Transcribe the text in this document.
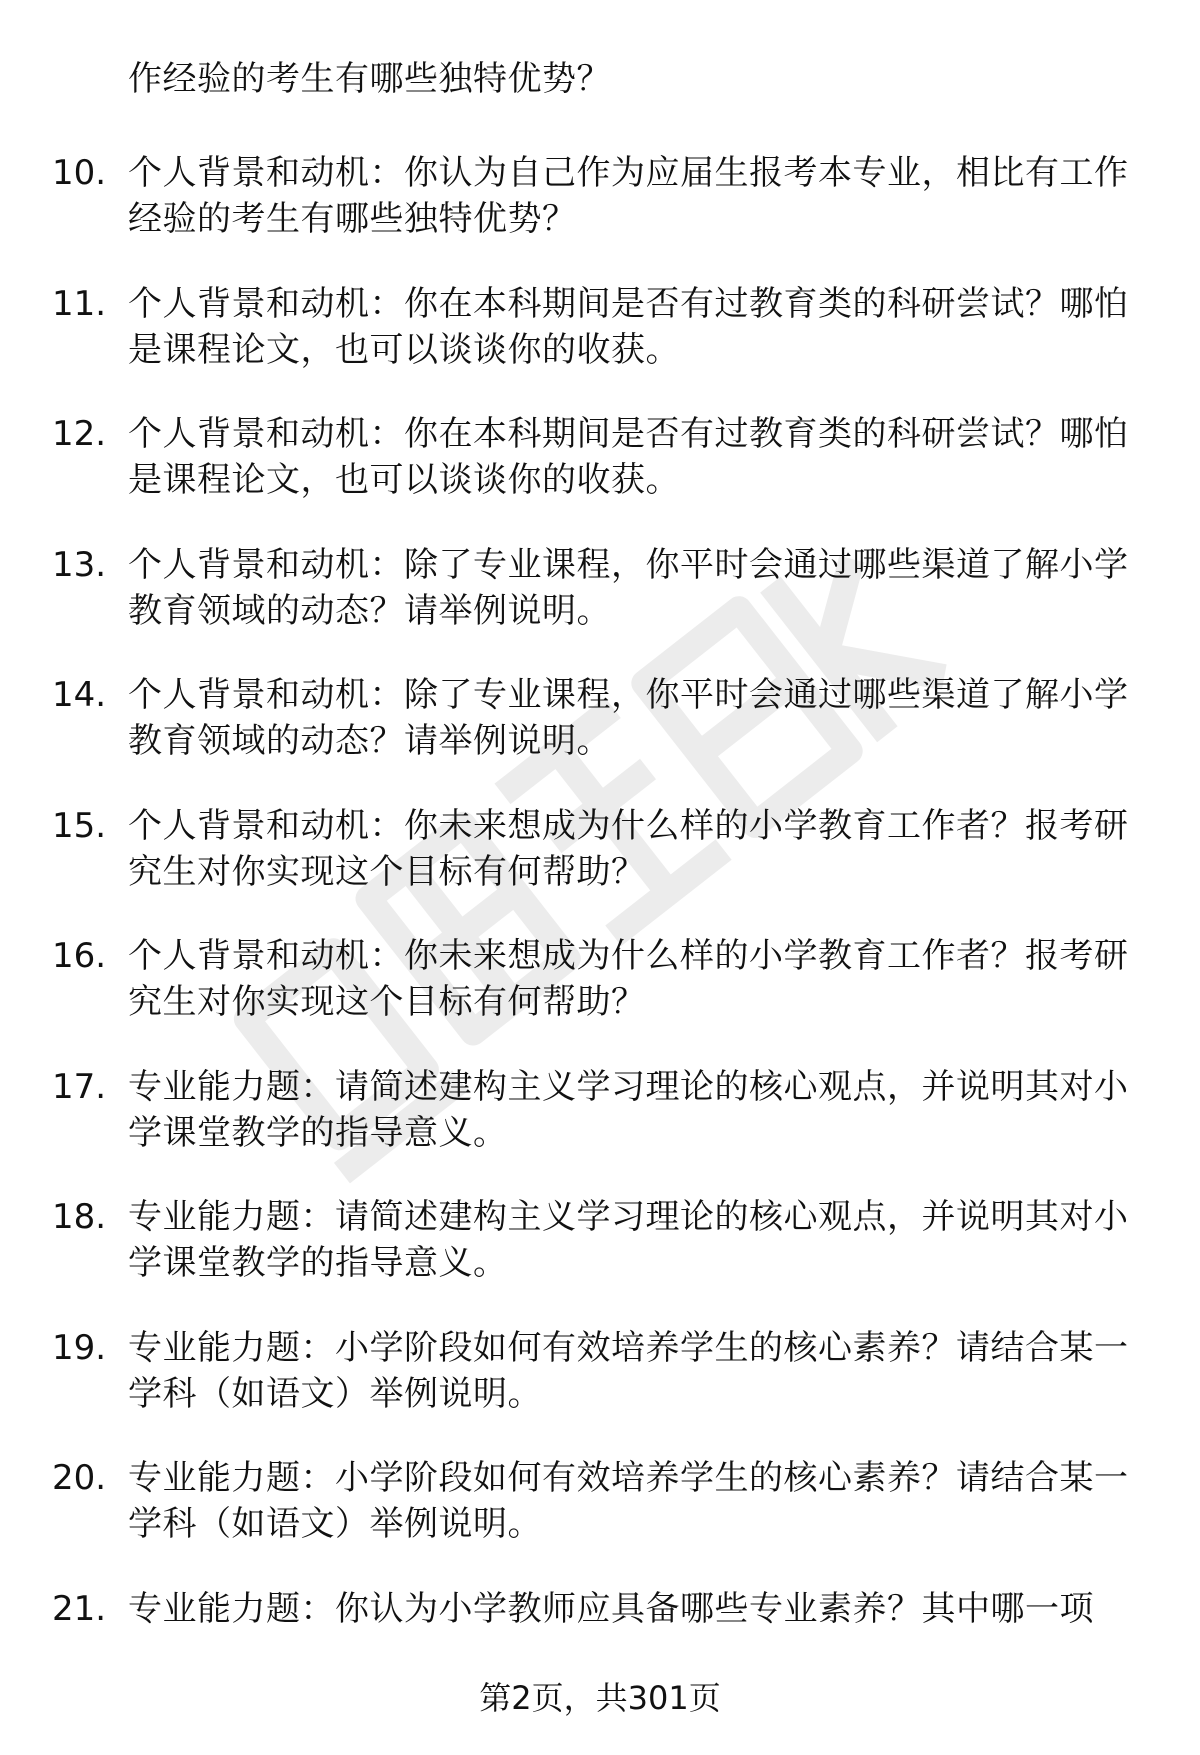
作经验的考生有哪些独特优势？

10. 个人背景和动机：你认为自己作为应届生报考本专业，相比有工作经验的考生有哪些独特优势？
11. 个人背景和动机：你在本科期间是否有过教育类的科研尝试？哪怕是课程论文，也可以谈谈你的收获。
12. 个人背景和动机：你在本科期间是否有过教育类的科研尝试？哪怕是课程论文，也可以谈谈你的收获。
13. 个人背景和动机：除了专业课程，你平时会通过哪些渠道了解小学教育领域的动态？请举例说明。
14. 个人背景和动机：除了专业课程，你平时会通过哪些渠道了解小学教育领域的动态？请举例说明。
15. 个人背景和动机：你未来想成为什么样的小学教育工作者？报考研究生对你实现这个目标有何帮助？
16. 个人背景和动机：你未来想成为什么样的小学教育工作者？报考研究生对你实现这个目标有何帮助？
17. 专业能力题：请简述建构主义学习理论的核心观点，并说明其对小学课堂教学的指导意义。
18. 专业能力题：请简述建构主义学习理论的核心观点，并说明其对小学课堂教学的指导意义。
19. 专业能力题：小学阶段如何有效培养学生的核心素养？请结合某一学科（如语文）举例说明。
20. 专业能力题：小学阶段如何有效培养学生的核心素养？请结合某一学科（如语文）举例说明。
21. 专业能力题：你认为小学教师应具备哪些专业素养？其中哪一项
第2页，共301页
